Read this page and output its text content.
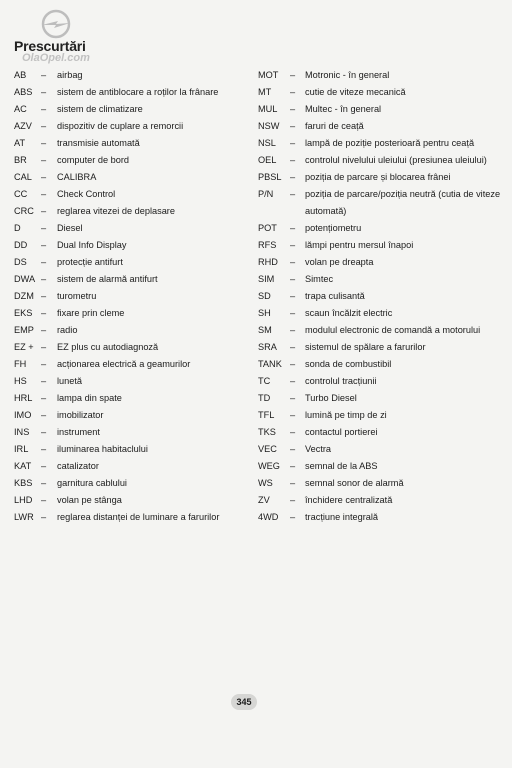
Prescurtări
OlaOpel.com
AB – airbag
ABS – sistem de antiblocare a roților la frânare
AC – sistem de climatizare
AZV – dispozitiv de cuplare a remorcii
AT – transmisie automată
BR – computer de bord
CAL – CALIBRA
CC – Check Control
CRC – reglarea vitezei de deplasare
D – Diesel
DD – Dual Info Display
DS – protecție antifurt
DWA – sistem de alarmă antifurt
DZM – turometru
EKS – fixare prin cleme
EMP – radio
EZ + – EZ plus cu autodiagnoză
FH – acționarea electrică a geamurilor
HS – lunetă
HRL – lampa din spate
IMO – imobilizator
INS – instrument
IRL – iluminarea habitaclului
KAT – catalizator
KBS – garnitura cablului
LHD – volan pe stânga
LWR – reglarea distanței de luminare a farurilor
MOT – Motronic - în general
MT – cutie de viteze mecanică
MUL – Multec - în general
NSW – faruri de ceață
NSL – lampă de poziție posterioară pentru ceață
OEL – controlul nivelului uleiului (presiunea uleiului)
PBSL – poziția de parcare și blocarea frânei
P/N – poziția de parcare/poziția neutră (cutia de viteze automată)
POT – potențiometru
RFS – lămpi pentru mersul înapoi
RHD – volan pe dreapta
SIM – Simtec
SD – trapa culisantă
SH – scaun încălzit electric
SM – modulul electronic de comandă a motorului
SRA – sistemul de spălare a farurilor
TANK – sonda de combustibil
TC – controlul tracțiunii
TD – Turbo Diesel
TFL – lumină pe timp de zi
TKS – contactul portierei
VEC – Vectra
WEG – semnal de la ABS
WS – semnal sonor de alarmă
ZV – închidere centralizată
4WD – tracțiune integrală
345
